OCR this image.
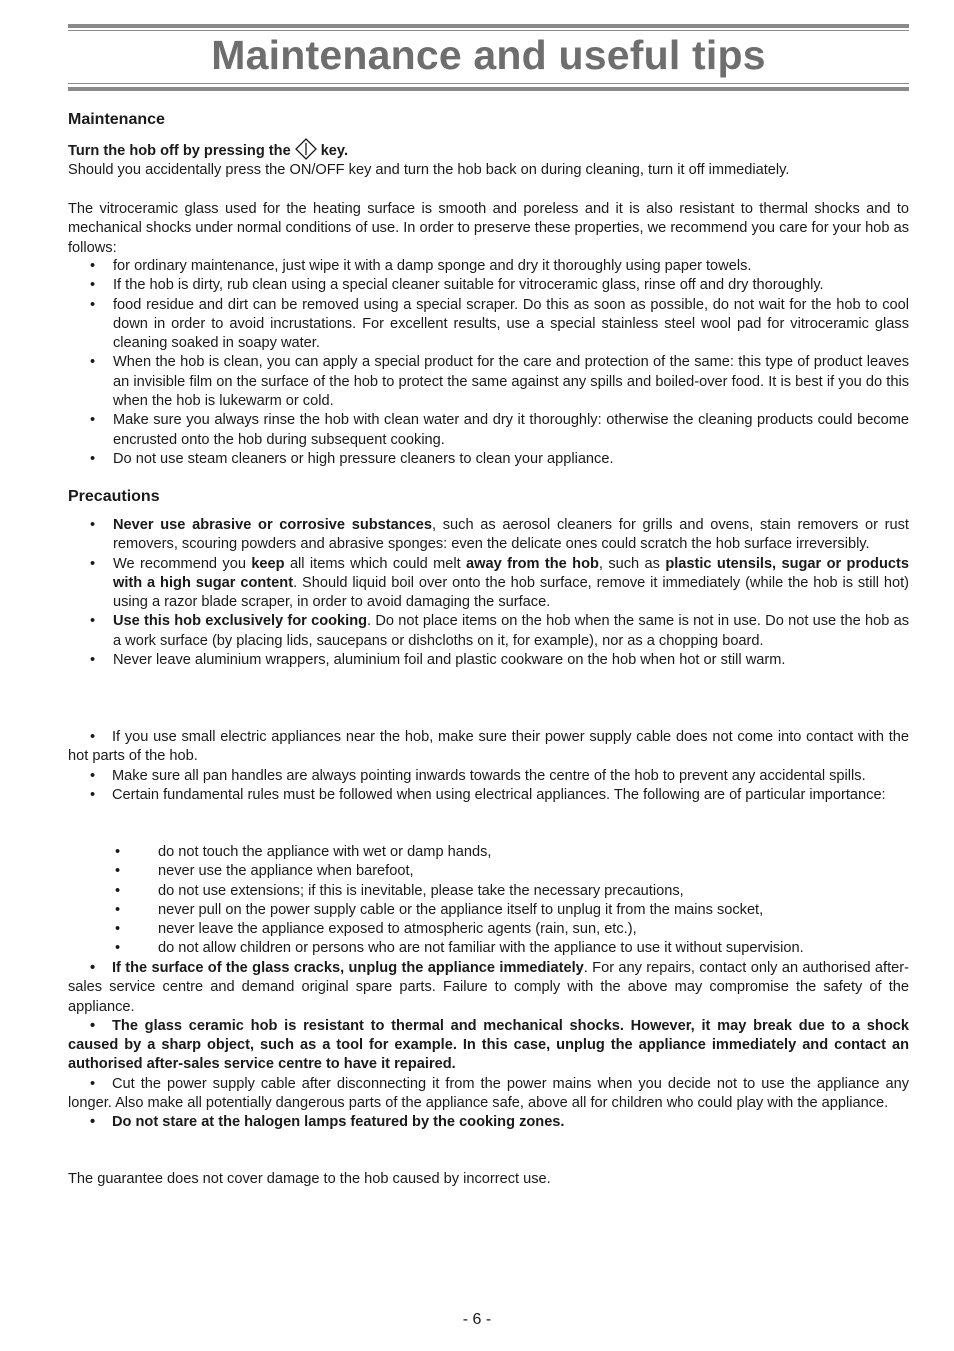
Maintenance and useful tips
Maintenance
Turn the hob off by pressing the key.
Should you accidentally press the ON/OFF key and turn the hob back on during cleaning, turn it off immediately.
The vitroceramic glass used for the heating surface is smooth and poreless and it is also resistant to thermal shocks and to mechanical shocks under normal conditions of use. In order to preserve these properties, we recommend you care for your hob as follows:
• for ordinary maintenance, just wipe it with a damp sponge and dry it thoroughly using paper towels.
• If the hob is dirty, rub clean using a special cleaner suitable for vitroceramic glass, rinse off and dry thoroughly.
• food residue and dirt can be removed using a special scraper. Do this as soon as possible, do not wait for the hob to cool down in order to avoid incrustations. For excellent results, use a special stainless steel wool pad for vitroceramic glass cleaning soaked in soapy water.
• When the hob is clean, you can apply a special product for the care and protection of the same: this type of product leaves an invisible film on the surface of the hob to protect the same against any spills and boiled-over food. It is best if you do this when the hob is lukewarm or cold.
• Make sure you always rinse the hob with clean water and dry it thoroughly: otherwise the cleaning products could become encrusted onto the hob during subsequent cooking.
• Do not use steam cleaners or high pressure cleaners to clean your appliance.
Precautions
• Never use abrasive or corrosive substances, such as aerosol cleaners for grills and ovens, stain removers or rust removers, scouring powders and abrasive sponges: even the delicate ones could scratch the hob surface irreversibly.
• We recommend you keep all items which could melt away from the hob, such as plastic utensils, sugar or products with a high sugar content. Should liquid boil over onto the hob surface, remove it immediately (while the hob is still hot) using a razor blade scraper, in order to avoid damaging the surface.
• Use this hob exclusively for cooking. Do not place items on the hob when the same is not in use. Do not use the hob as a work surface (by placing lids, saucepans or dishcloths on it, for example), nor as a chopping board.
• Never leave aluminium wrappers, aluminium foil and plastic cookware on the hob when hot or still warm.

• If you use small electric appliances near the hob, make sure their power supply cable does not come into contact with the hot parts of the hob.

• Make sure all pan handles are always pointing inwards towards the centre of the hob to prevent any accidental spills.

• Certain fundamental rules must be followed when using electrical appliances. The following are of particular importance:

• do not touch the appliance with wet or damp hands,
• never use the appliance when barefoot,
• do not use extensions; if this is inevitable, please take the necessary precautions,
• never pull on the power supply cable or the appliance itself to unplug it from the mains socket,
• never leave the appliance exposed to atmospheric agents (rain, sun, etc.),
• do not allow children or persons who are not familiar with the appliance to use it without supervision.

• If the surface of the glass cracks, unplug the appliance immediately. For any repairs, contact only an authorised after-sales service centre and demand original spare parts. Failure to comply with the above may compromise the safety of the appliance.

• The glass ceramic hob is resistant to thermal and mechanical shocks. However, it may break due to a shock caused by a sharp object, such as a tool for example. In this case, unplug the appliance immediately and contact an authorised after-sales service centre to have it repaired.

• Cut the power supply cable after disconnecting it from the power mains when you decide not to use the appliance any longer. Also make all potentially dangerous parts of the appliance safe, above all for children who could play with the appliance.

• Do not stare at the halogen lamps featured by the cooking zones.

The guarantee does not cover damage to the hob caused by incorrect use.
- 6 -
